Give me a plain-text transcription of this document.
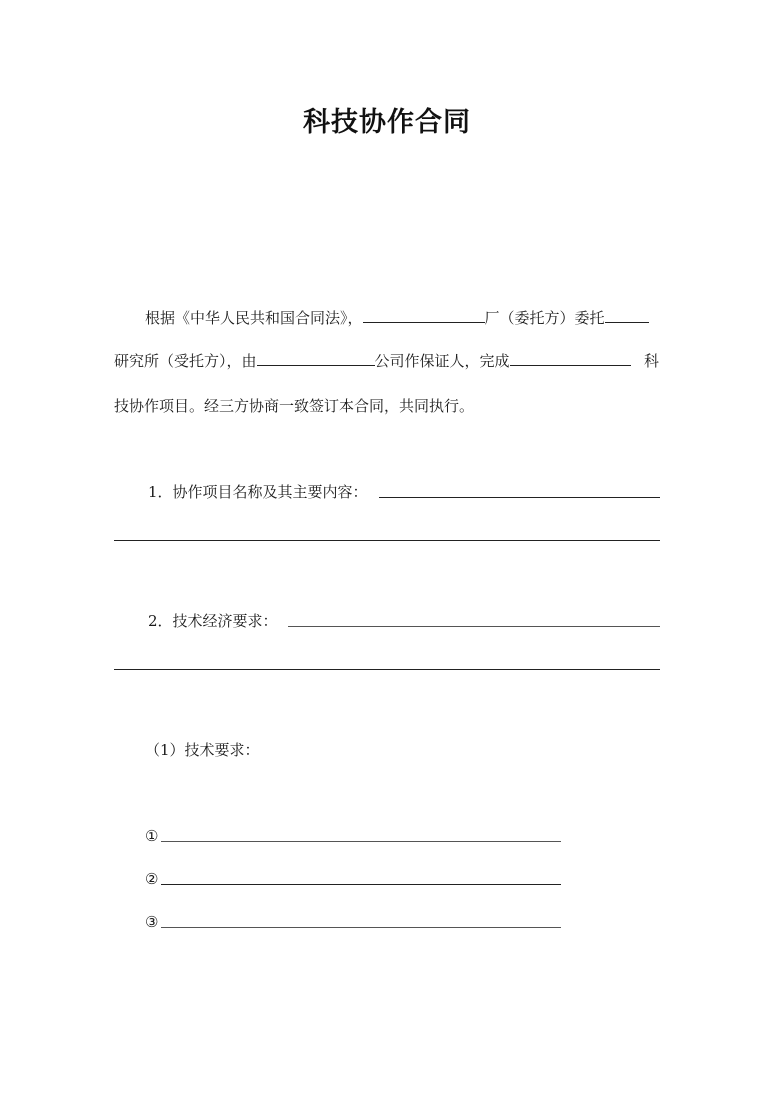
科技协作合同
根据《中华人民共和国合同法》，	厂（委托方）委托
研究所（受托方），由	公司作保证人，完成	科
技协作项目。经三方协商一致签订本合同，共同执行。
1．协作项目名称及其主要内容：
2．技术经济要求：
（1）技术要求：
①
②
③
